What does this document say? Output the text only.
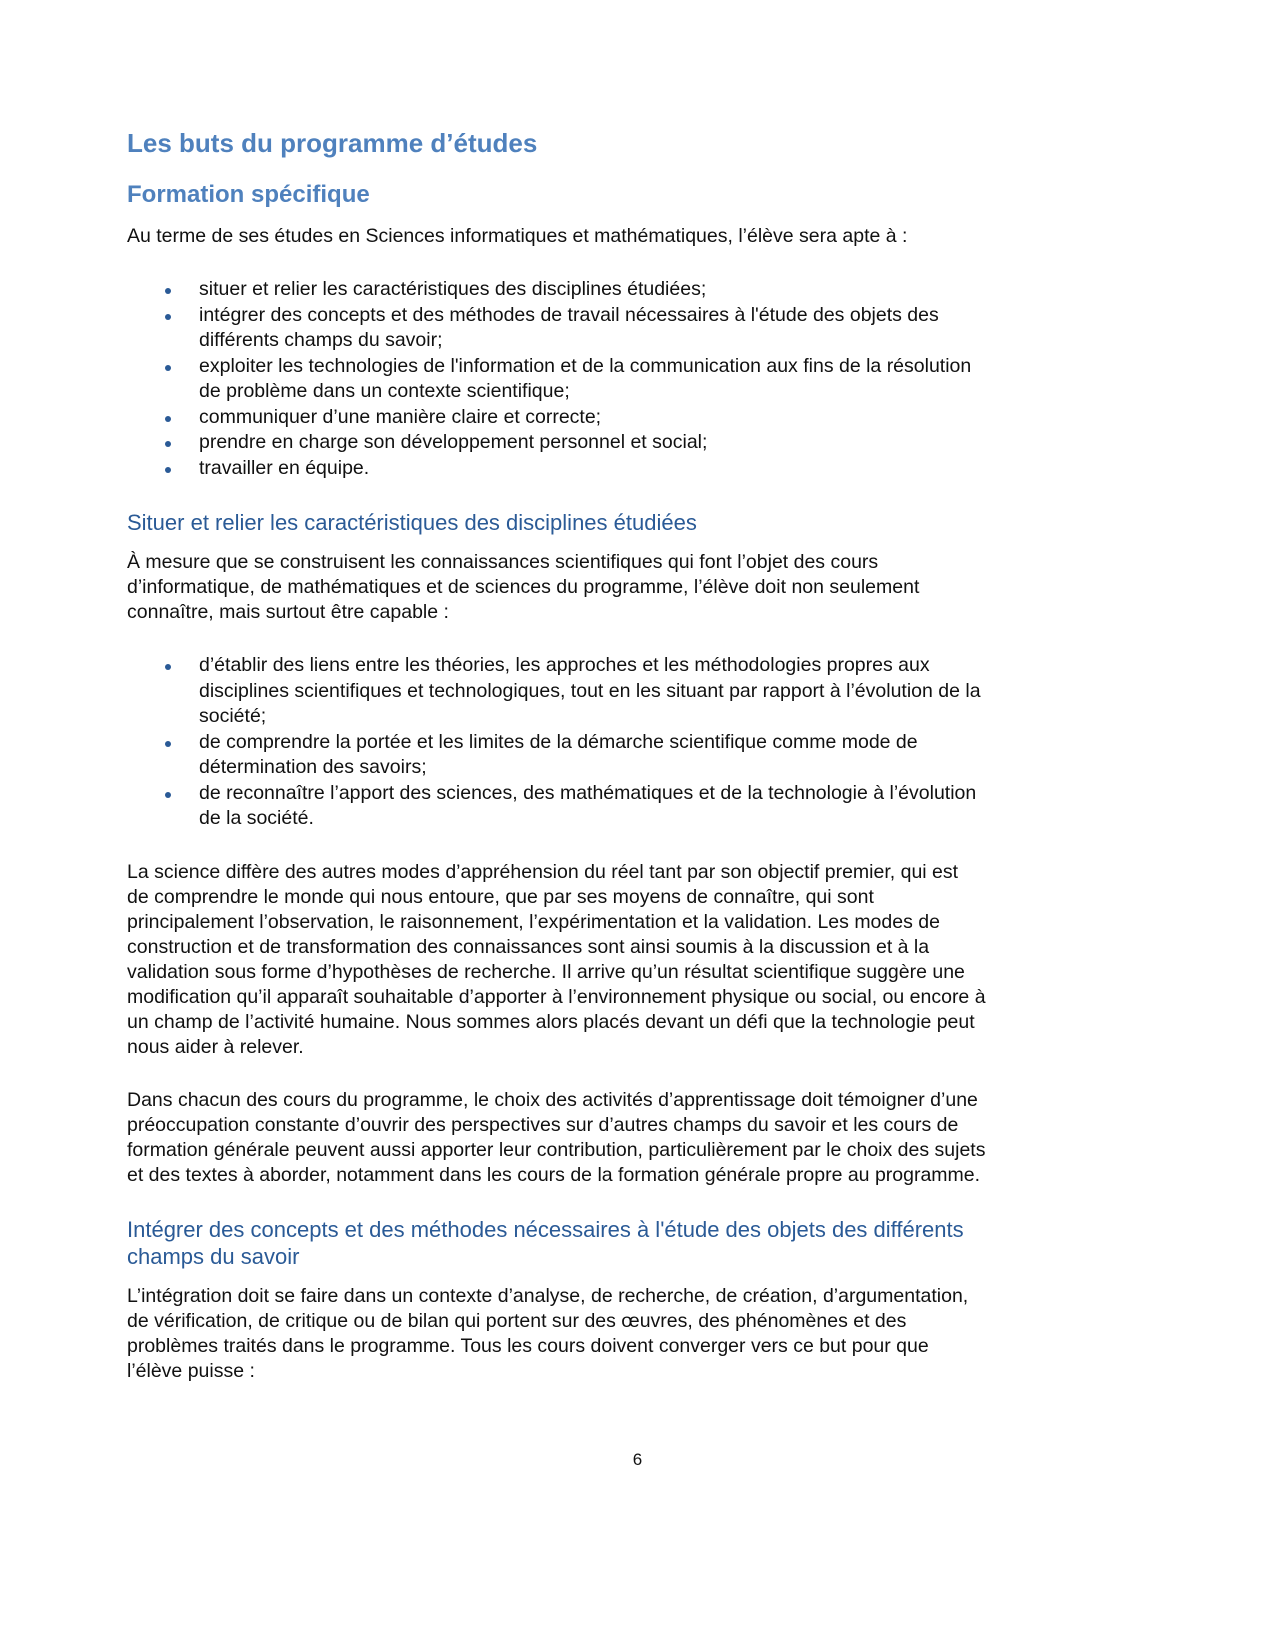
Les buts du programme d’études
Formation spécifique

Au terme de ses études en Sciences informatiques et mathématiques, l’élève sera apte à :

situer et relier les caractéristiques des disciplines étudiées;
intégrer des concepts et des méthodes de travail nécessaires à l'étude des objets des
différents champs du savoir;
exploiter les technologies de l'information et de la communication aux fins de la résolution
de problème dans un contexte scientifique;
communiquer d’une manière claire et correcte;
prendre en charge son développement personnel et social;
travailler en équipe.
Situer et relier les caractéristiques des disciplines étudiées

À mesure que se construisent les connaissances scientifiques qui font l’objet des cours
d’informatique, de mathématiques et de sciences du programme, l’élève doit non seulement
connaître, mais surtout être capable :

d’établir des liens entre les théories, les approches et les méthodologies propres aux
disciplines scientifiques et technologiques, tout en les situant par rapport à l’évolution de la
société;
de comprendre la portée et les limites de la démarche scientifique comme mode de
détermination des savoirs;
de reconnaître l’apport des sciences, des mathématiques et de la technologie à l’évolution
de la société.

La science diffère des autres modes d’appréhension du réel tant par son objectif premier, qui est
de comprendre le monde qui nous entoure, que par ses moyens de connaître, qui sont
principalement l’observation, le raisonnement, l’expérimentation et la validation. Les modes de
construction et de transformation des connaissances sont ainsi soumis à la discussion et à la
validation sous forme d’hypothèses de recherche. Il arrive qu’un résultat scientifique suggère une
modification qu’il apparaît souhaitable d’apporter à l’environnement physique ou social, ou encore à
un champ de l’activité humaine. Nous sommes alors placés devant un défi que la technologie peut
nous aider à relever.

Dans chacun des cours du programme, le choix des activités d’apprentissage doit témoigner d’une
préoccupation constante d’ouvrir des perspectives sur d’autres champs du savoir et les cours de
formation générale peuvent aussi apporter leur contribution, particulièrement par le choix des sujets
et des textes à aborder, notamment dans les cours de la formation générale propre au programme.

Intégrer des concepts et des méthodes nécessaires à l'étude des objets des différents
champs du savoir

L’intégration doit se faire dans un contexte d’analyse, de recherche, de création, d’argumentation,
de vérification, de critique ou de bilan qui portent sur des œuvres, des phénomènes et des
problèmes traités dans le programme. Tous les cours doivent converger vers ce but pour que
l’élève puisse :

6
